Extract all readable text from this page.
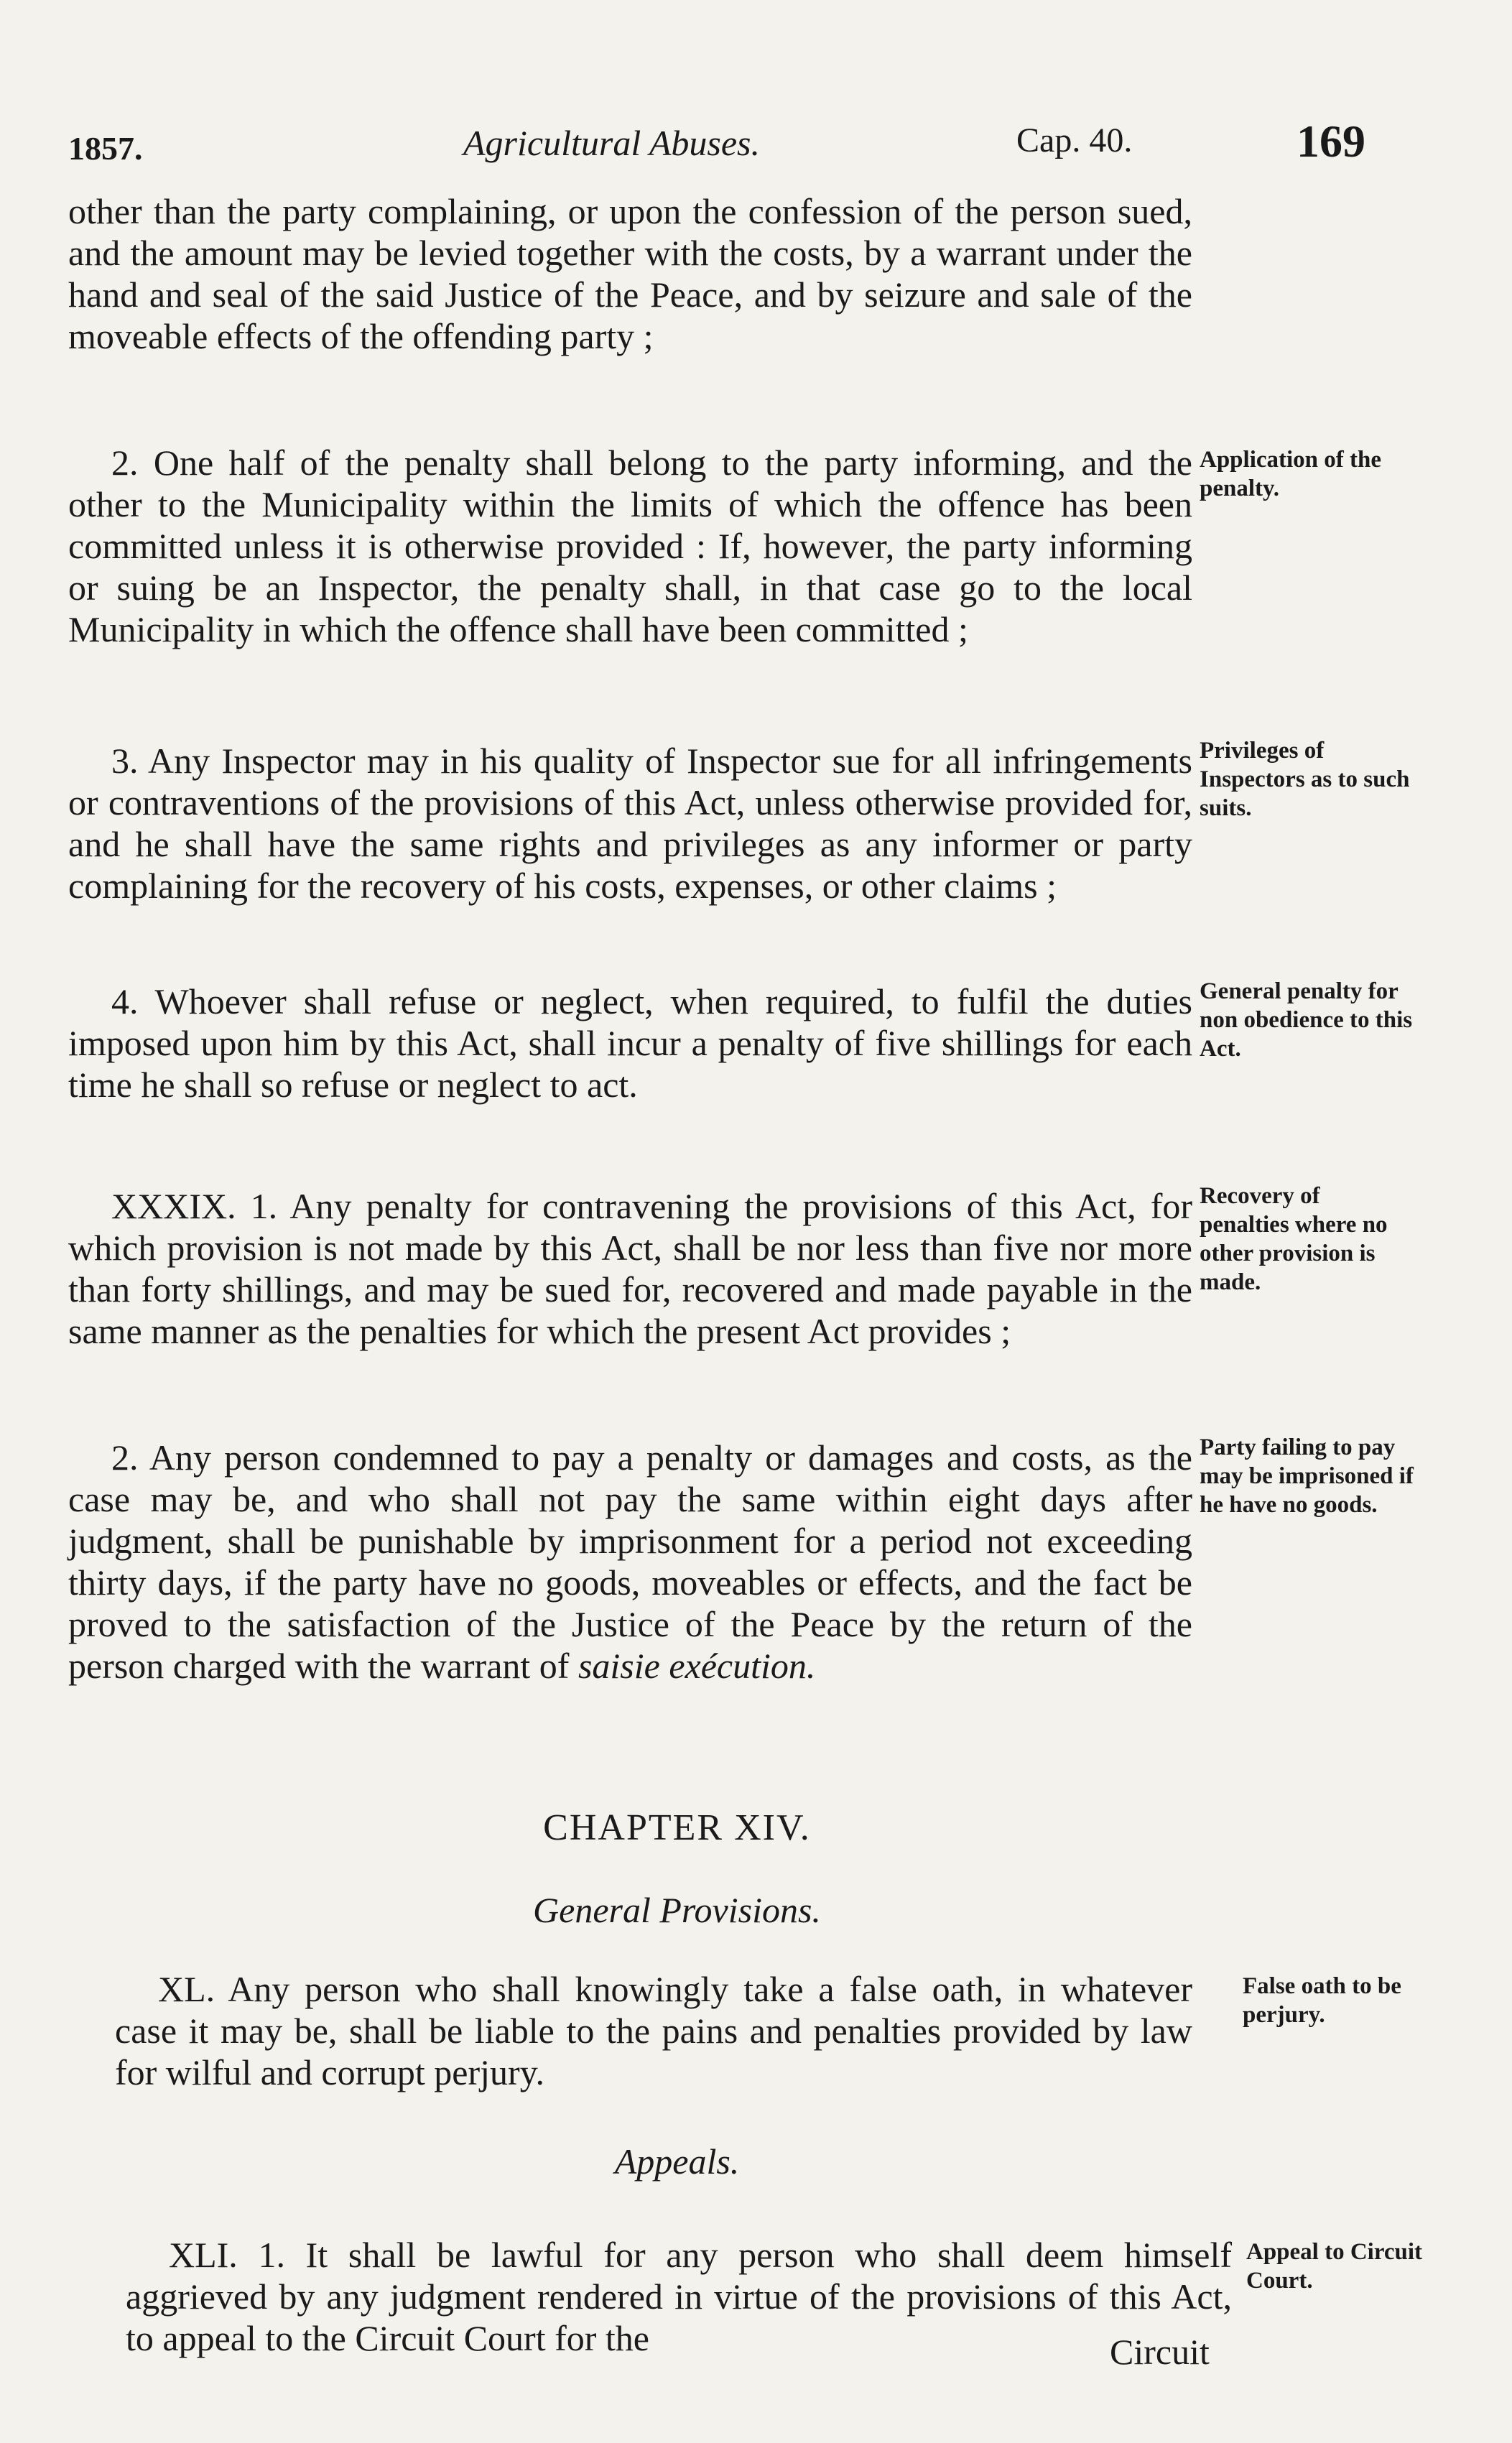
1857.	Agricultural Abuses.	Cap. 40.	169

other than the party complaining, or upon the confession of the person sued, and the amount may be levied together with the costs, by a warrant under the hand and seal of the said Justice of the Peace, and by seizure and sale of the moveable effects of the offending party ;

2. One half of the penalty shall belong to the party informing, and the other to the Municipality within the limits of which the offence has been committed unless it is otherwise provided : If, however, the party informing or suing be an Inspector, the penalty shall, in that case go to the local Municipality in which the offence shall have been committed ;

Application of the penalty.

3. Any Inspector may in his quality of Inspector sue for all infringements or contraventions of the provisions of this Act, unless otherwise provided for, and he shall have the same rights and privileges as any informer or party complaining for the recovery of his costs, expenses, or other claims ;

Privileges of Inspectors as to such suits.

4. Whoever shall refuse or neglect, when required, to fulfil the duties imposed upon him by this Act, shall incur a penalty of five shillings for each time he shall so refuse or neglect to act.

General penalty for non obedience to this Act.

XXXIX. 1. Any penalty for contravening the provisions of this Act, for which provision is not made by this Act, shall be nor less than five nor more than forty shillings, and may be sued for, recovered and made payable in the same manner as the penalties for which the present Act provides ;

Recovery of penalties where no other provision is made.

2. Any person condemned to pay a penalty or damages and costs, as the case may be, and who shall not pay the same within eight days after judgment, shall be punishable by imprisonment for a period not exceeding thirty days, if the party have no goods, moveables or effects, and the fact be proved to the satisfaction of the Justice of the Peace by the return of the person charged with the warrant of saisie exécution.

Party failing to pay may be imprisoned if he have no goods.
CHAPTER XIV.
General Provisions.

XL. Any person who shall knowingly take a false oath, in whatever case it may be, shall be liable to the pains and penalties provided by law for wilful and corrupt perjury.

False oath to be perjury.
Appeals.

XLI. 1. It shall be lawful for any person who shall deem himself aggrieved by any judgment rendered in virtue of the provisions of this Act, to appeal to the Circuit Court for the

Appeal to Circuit Court.
Circuit
